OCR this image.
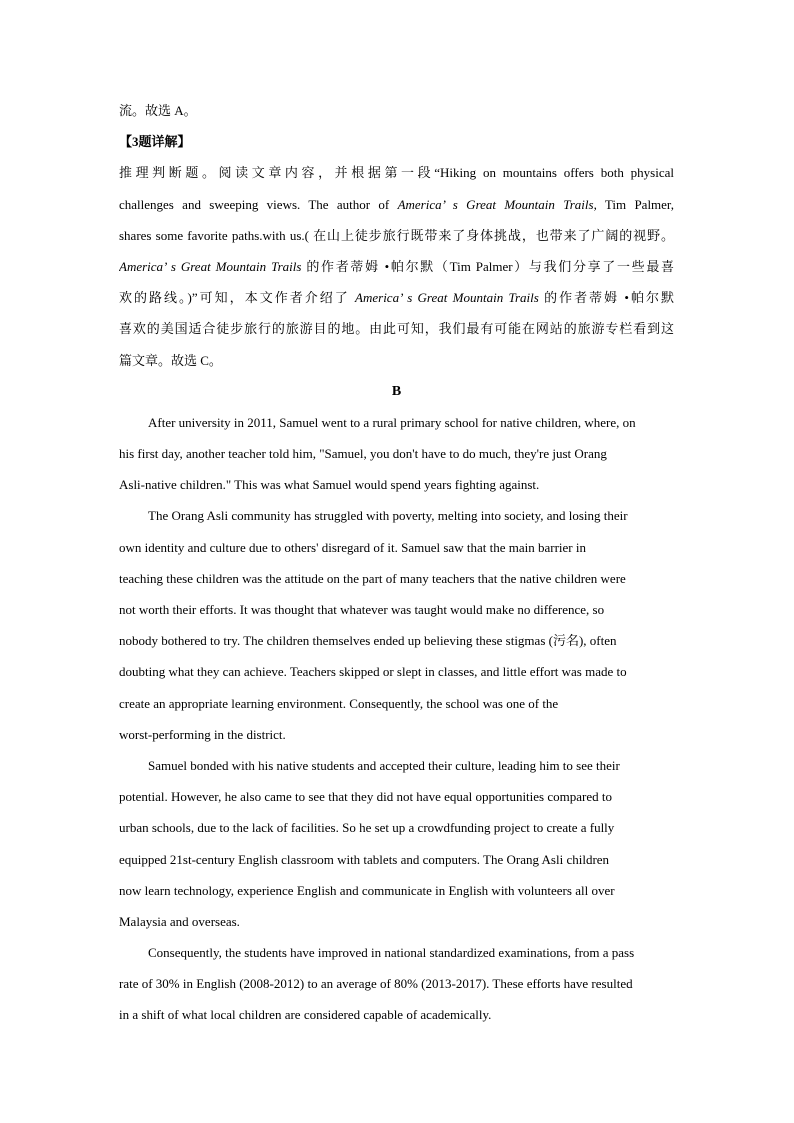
流。故选 A。
【3题详解】
推理判断题。阅读文章内容，并根据第一段“Hiking on mountains offers both physical
challenges and sweeping views. The author of America’ s Great Mountain Trails, Tim Palmer,
shares some favorite paths.with us.( 在山上徒步旅行既带来了身体挑战，也带来了广阔的视野。
America’ s Great Mountain Trails 的作者蒂姆 •帕尔默（Tim Palmer）与我们分享了一些最喜
欢的路线。)”可知，本文作者介绍了 America’ s Great Mountain Trails 的作者蒂姆 •帕尔默
喜欢的美国适合徒步旅行的旅游目的地。由此可知，我们最有可能在网站的旅游专栏看到这
篇文章。故选 C。
B
After university in 2011, Samuel went to a rural primary school for native children, where, on
his first day, another teacher told him, "Samuel, you don't have to do much, they're just Orang
Asli-native children." This was what Samuel would spend years fighting against.
The Orang Asli community has struggled with poverty, melting into society, and losing their
own identity and culture due to others' disregard of it. Samuel saw that the main barrier in
teaching these children was the attitude on the part of many teachers that the native children were
not worth their efforts. It was thought that whatever was taught would make no difference, so
nobody bothered to try. The children themselves ended up believing these stigmas (污名), often
doubting what they can achieve. Teachers skipped or slept in classes, and little effort was made to
create an appropriate learning environment. Consequently, the school was one of the
worst-performing in the district.
Samuel bonded with his native students and accepted their culture, leading him to see their
potential. However, he also came to see that they did not have equal opportunities compared to
urban schools, due to the lack of facilities. So he set up a crowdfunding project to create a fully
equipped 21st-century English classroom with tablets and computers. The Orang Asli children
now learn technology, experience English and communicate in English with volunteers all over
Malaysia and overseas.
Consequently, the students have improved in national standardized examinations, from a pass
rate of 30% in English (2008-2012) to an average of 80% (2013-2017). These efforts have resulted
in a shift of what local children are considered capable of academically.
